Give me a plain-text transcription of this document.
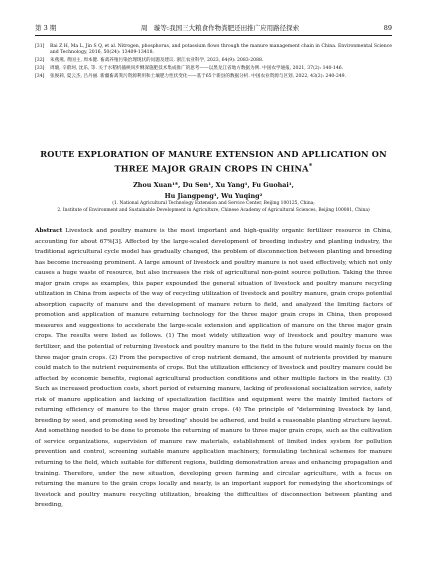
第 3 期	周　璇等:我国三大粮食作物粪肥还田推广应用路径探索	89
[31]	Bai Z H, Ma L, Jin S Q, et al. Nitrogen, phosphorus, and potassium flows through the manure management chain in China. Environmental Science and Technology, 2016, 50(24): 13409-13418.
[32]	朱燕燕, 黄国主, 周本健. 畜禽养殖污染治理现状的问题及建议. 浙江农业科学, 2023, 64(9): 2083-2088.
[33]	周璇, 辛蔚珂, 沈乐, 等. 关于水稻机插秧同步侧深施肥技术集成推广的思考——以黑龙江省地方数据为例. 中国农学通报, 2021, 37(2): 140-146.
[34]	张俊莉, 夏云杰, 吕丹丽. 新疆畜禽粪污资源利用和土壤肥力性状变化——基于65个新县的数据分析. 中国农业资源与区划, 2022, 43(2): 240-249.
ROUTE EXPLORATION OF MANURE EXTENSION AND APLLICATION ON
THREE MAJOR GRAIN CROPS IN CHINA*
Zhou Xuan¹*, Du Sen¹, Xu Yang¹, Fu Guohai¹,
Hu Jiangpeng¹, Wu Yuqing²
(1. National Agricultural Technology Extension and Service Center, Beijing 100125, China;
2. Institute of Environment and Sustainable Development in Agriculture, Chinese Academy of Agricultural Sciences, Beijing 100081, China)
Abstract Livestock and poultry manure is the most important and high-quality organic fertilizer resource in China, accounting for about 67%[3]. Affected by the large-scaled development of breeding industry and planting industry, the traditional agricultural cycle model has gradually changed, the problem of disconnection between planting and breeding has become increasing prominent. A large amount of livestock and poultry manure is not used effectively, which not only causes a huge waste of resource, but also increases the risk of agricultural non-point source pollution. Taking the three major grain crops as examples, this paper expounded the general situation of livestock and poultry manure recycling utilization in China from aspects of the way of recycling utilization of livestock and poultry manure, grain crops potential absorption capacity of manure and the development of manure return to field, and analyzed the limiting factors of promotion and application of manure returning technology for the three major grain crops in China, then proposed measures and suggestions to accelerate the large-scale extension and application of manure on the three major grain crops. The results were listed as follows. (1) The most widely utilization way of livestock and poultry manure was fertilizer, and the potential of returning livestock and poultry manure to the field in the future would mainly focus on the three major grain crops. (2) From the perspective of crop nutrient demand, the amount of nutrients provided by manure could match to the nutrient requirements of crops. But the utilization efficiency of livestock and poultry manure could be affected by economic benefits, regional agricultural production conditions and other multiple factors in the reality. (3) Such as increased production costs, short period of returning manure, lacking of professional socialization service, safety risk of manure application and lacking of specialization facilities and equipment were the mainly limited factors of returning efficiency of manure to the three major grain crops. (4) The principle of "determining livestock by land, breeding by seed, and promoting seed by breeding" should be adhered, and build a reasonable planting structure layout. And something needed to be done to promote the returning of manure to three major grain crops, such as the cultivation of service organizations, supervision of manure raw materials, establishment of limited index system for pollution prevention and control, screening suitable manure application machinery, formulating technical schemes for manure returning to the field, which suitable for different regions, building demonstration areas and enhancing propagation and training. Therefore, under the new situation, developing green farming and circular agriculture, with a focus on returning the manure to the grain crops locally and nearly, is an important support for remedying the shortcomings of livestock and poultry manure recycling utilization, breaking the difficulties of disconnection between planting and breeding,
